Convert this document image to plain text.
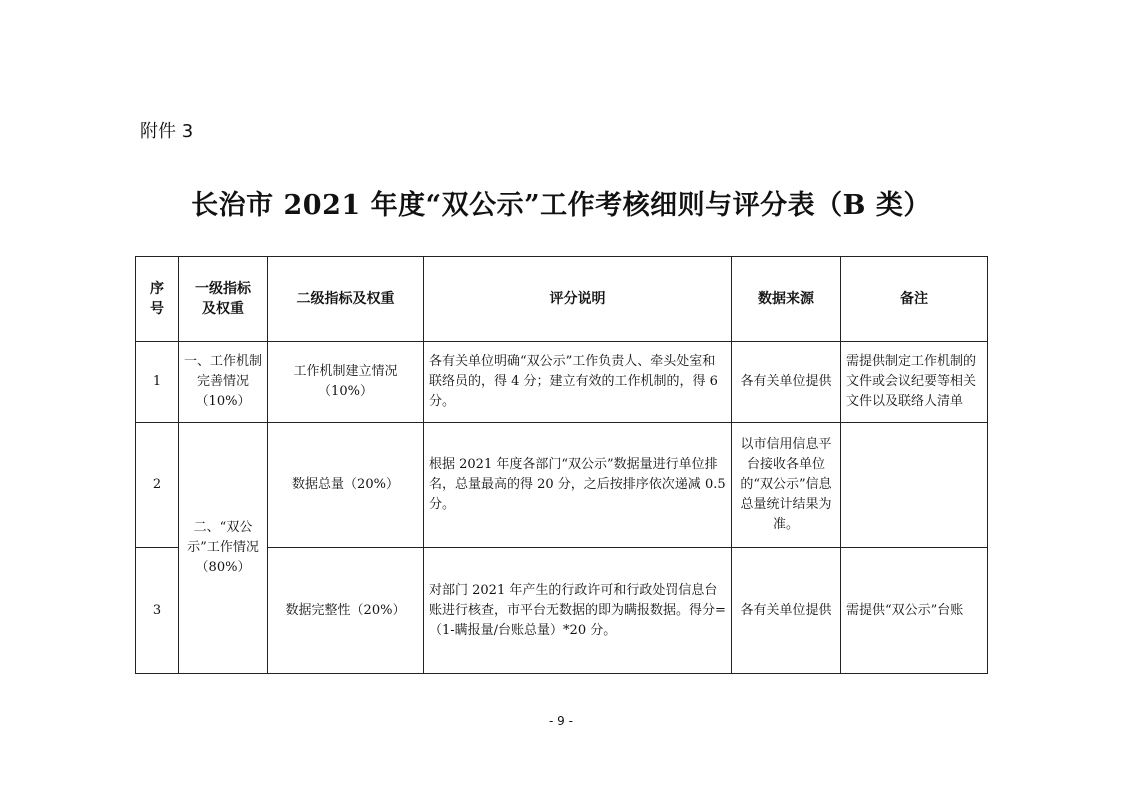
附件 3
长治市 2021 年度“双公示”工作考核细则与评分表（B 类）
序号	一级指标及权重	二级指标及权重	评分说明	数据来源	备注
1	一、工作机制完善情况（10%）	工作机制建立情况（10%）	各有关单位明确“双公示”工作负责人、牵头处室和联络员的，得 4 分；建立有效的工作机制的，得 6 分。	各有关单位提供	需提供制定工作机制的文件或会议纪要等相关文件以及联络人清单
2	二、“双公示”工作情况（80%）	数据总量（20%）	根据 2021 年度各部门“双公示”数据量进行单位排名，总量最高的得 20 分，之后按排序依次递减 0.5 分。	以市信用信息平台接收各单位的“双公示”信息总量统计结果为准。	
3		数据完整性（20%）	对部门 2021 年产生的行政许可和行政处罚信息台账进行核查，市平台无数据的即为瞒报数据。得分=（1-瞒报量/台账总量）*20 分。	各有关单位提供	需提供“双公示”台账
- 9 -
